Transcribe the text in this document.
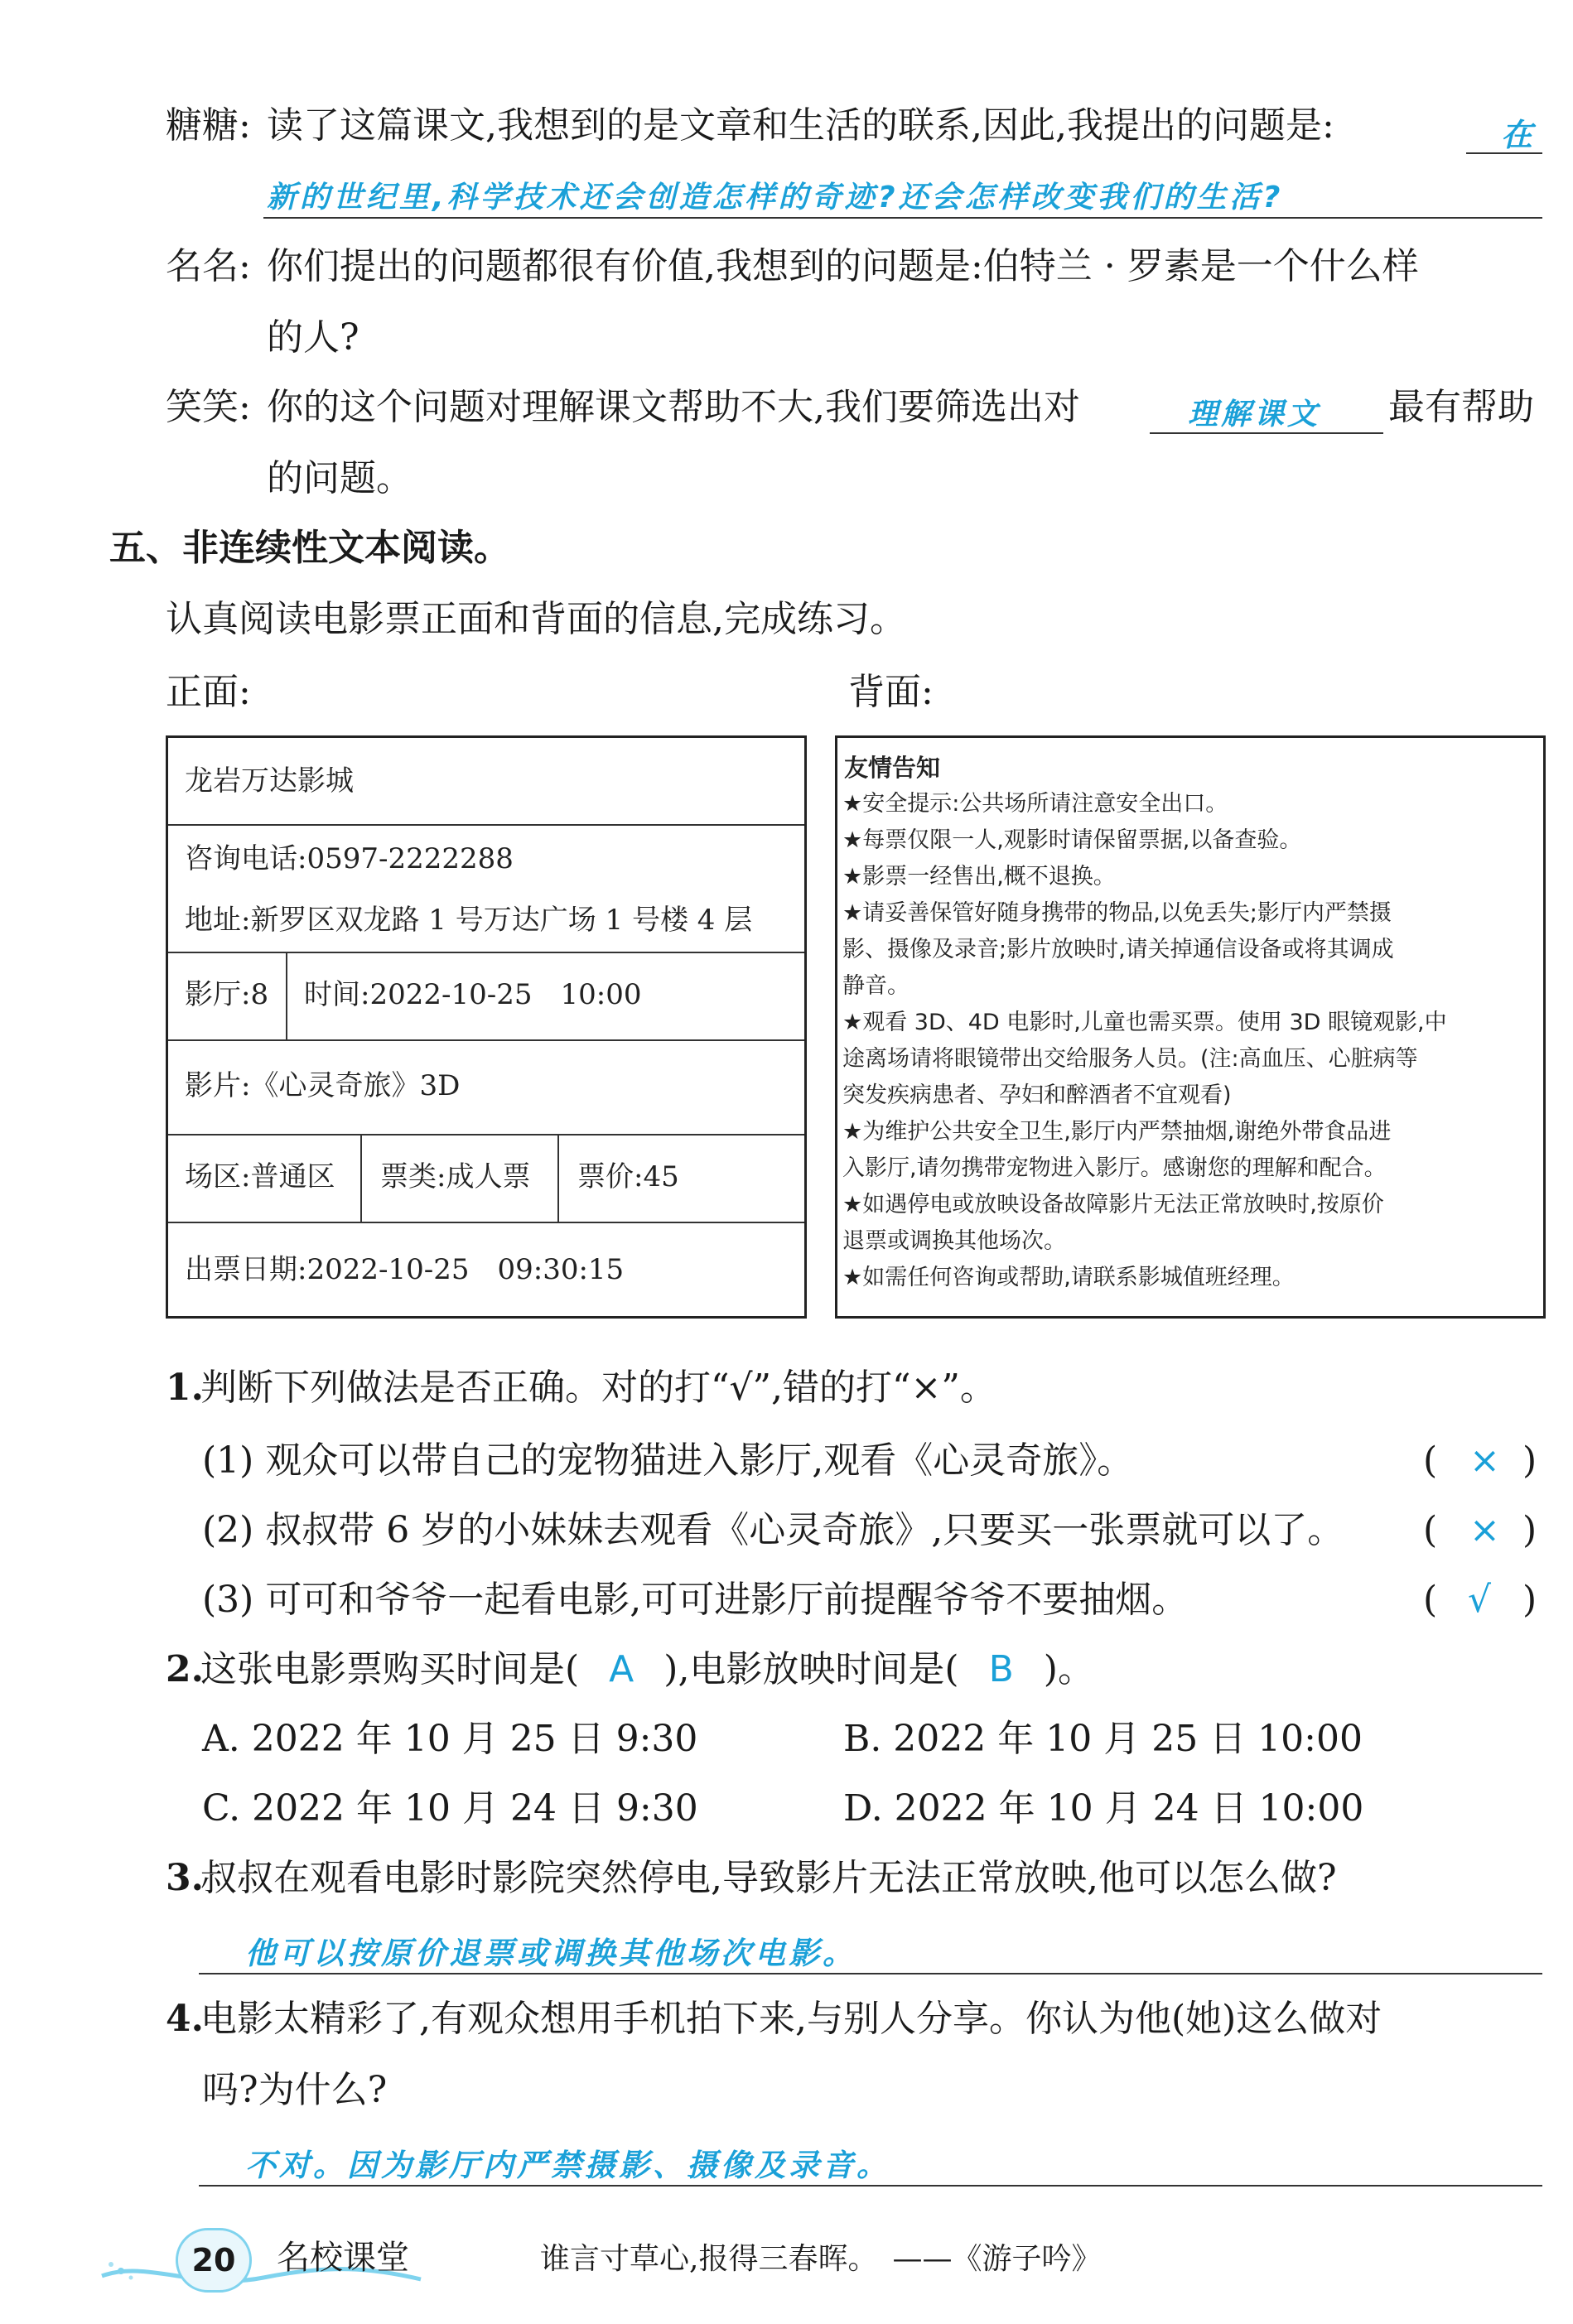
糖糖: 读了这篇课文,我想到的是文章和生活的联系,因此,我提出的问题是:	在
新的世纪里,科学技术还会创造怎样的奇迹?还会怎样改变我们的生活?
名名: 你们提出的问题都很有价值,我想到的问题是:伯特兰 · 罗素是一个什么样
的人?
笑笑: 你的这个问题对理解课文帮助不大,我们要筛选出对	理解课文 最有帮助
的问题。
五、非连续性文本阅读。
认真阅读电影票正面和背面的信息,完成练习。
正面:	背面:
龙岩万达影城
咨询电话:0597-2222288
地址:新罗区双龙路 1 号万达广场 1 号楼 4 层
影厅:8 时间:2022-10-25　10:00
影片:《心灵奇旅》3D
场区:普通区 票类:成人票 票价:45
出票日期:2022-10-25　09:30:15
友情告知
★安全提示:公共场所请注意安全出口。
★每票仅限一人,观影时请保留票据,以备查验。
★影票一经售出,概不退换。
★请妥善保管好随身携带的物品,以免丢失;影厅内严禁摄
影、摄像及录音;影片放映时,请关掉通信设备或将其调成
静音。
★观看 3D、4D 电影时,儿童也需买票。使用 3D 眼镜观影,中
途离场请将眼镜带出交给服务人员。(注:高血压、心脏病等
突发疾病患者、孕妇和醉酒者不宜观看)
★为维护公共安全卫生,影厅内严禁抽烟,谢绝外带食品进
入影厅,请勿携带宠物进入影厅。感谢您的理解和配合。
★如遇停电或放映设备故障影片无法正常放映时,按原价
退票或调换其他场次。
★如需任何咨询或帮助,请联系影城值班经理。
1.
判断下列做法是否正确。对的打“√”,错的打“×”。
(1) 观众可以带自己的宠物猫进入影厅,观看《心灵奇旅》。	( × )
(2) 叔叔带 6 岁的小妹妹去观看《心灵奇旅》,只要买一张票就可以了。 ( × )
(3) 可可和爷爷一起看电影,可可进影厅前提醒爷爷不要抽烟。	( √ )
2.
这张电影票购买时间是( A ),电影放映时间是( B )。
A. 2022 年 10 月 25 日 9:30	B. 2022 年 10 月 25 日 10:00
C. 2022 年 10 月 24 日 9:30	D. 2022 年 10 月 24 日 10:00
3.
叔叔在观看电影时影院突然停电,导致影片无法正常放映,他可以怎么做?
他可以按原价退票或调换其他场次电影。
4.
电影太精彩了,有观众想用手机拍下来,与别人分享。你认为他(她)这么做对
吗?为什么?
不对。因为影厅内严禁摄影、摄像及录音。
20	名校课堂	谁言寸草心,报得三春晖。　——《游子吟》
